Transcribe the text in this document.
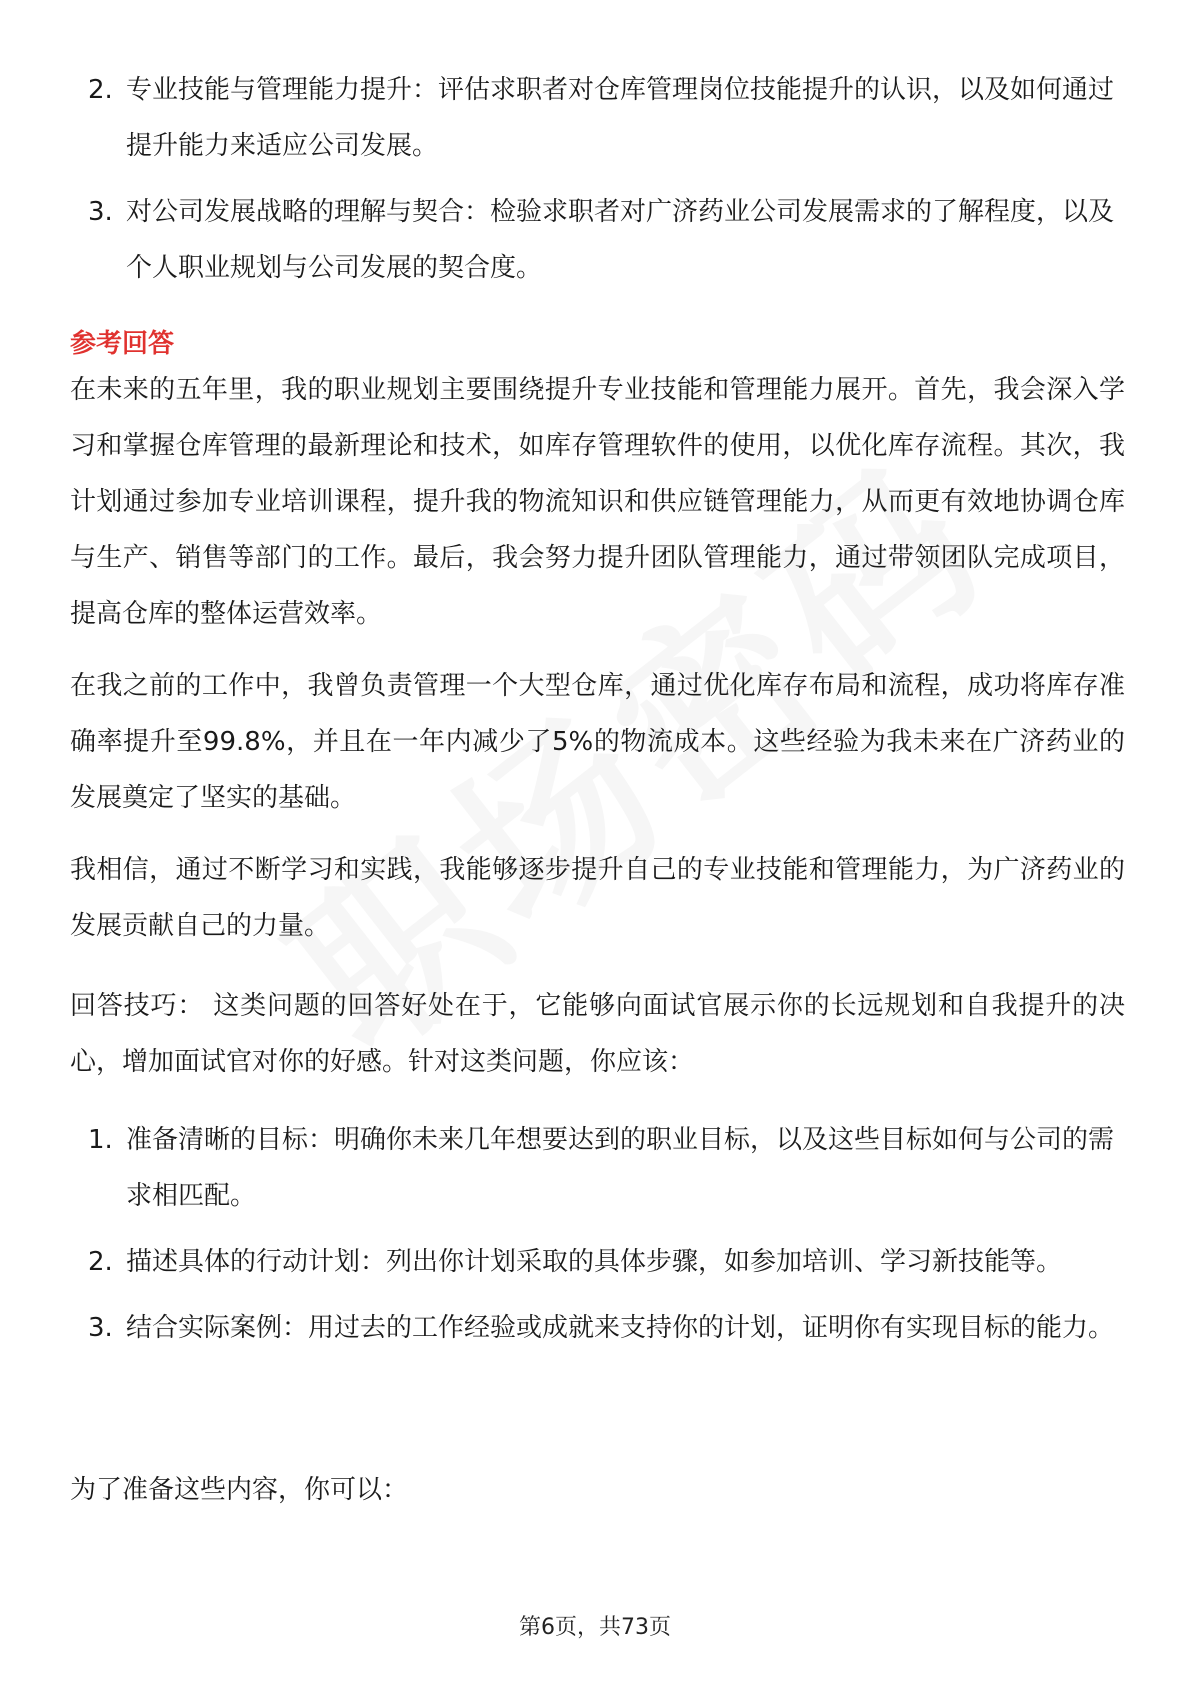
2. 专业技能与管理能力提升：评估求职者对仓库管理岗位技能提升的认识，以及如何通过提升能力来适应公司发展。
3. 对公司发展战略的理解与契合：检验求职者对广济药业公司发展需求的了解程度，以及个人职业规划与公司发展的契合度。
参考回答

在未来的五年里，我的职业规划主要围绕提升专业技能和管理能力展开。首先，我会深入学习和掌握仓库管理的最新理论和技术，如库存管理软件的使用，以优化库存流程。其次，我计划通过参加专业培训课程，提升我的物流知识和供应链管理能力，从而更有效地协调仓库与生产、销售等部门的工作。最后，我会努力提升团队管理能力，通过带领团队完成项目，提高仓库的整体运营效率。

在我之前的工作中，我曾负责管理一个大型仓库，通过优化库存布局和流程，成功将库存准确率提升至99.8%，并且在一年内减少了5%的物流成本。这些经验为我未来在广济药业的发展奠定了坚实的基础。

我相信，通过不断学习和实践，我能够逐步提升自己的专业技能和管理能力，为广济药业的发展贡献自己的力量。

回答技巧： 这类问题的回答好处在于，它能够向面试官展示你的长远规划和自我提升的决心，增加面试官对你的好感。针对这类问题，你应该：

1. 准备清晰的目标：明确你未来几年想要达到的职业目标，以及这些目标如何与公司的需求相匹配。
2. 描述具体的行动计划：列出你计划采取的具体步骤，如参加培训、学习新技能等。
3. 结合实际案例：用过去的工作经验或成就来支持你的计划，证明你有实现目标的能力。

为了准备这些内容，你可以：

第6页，共73页
